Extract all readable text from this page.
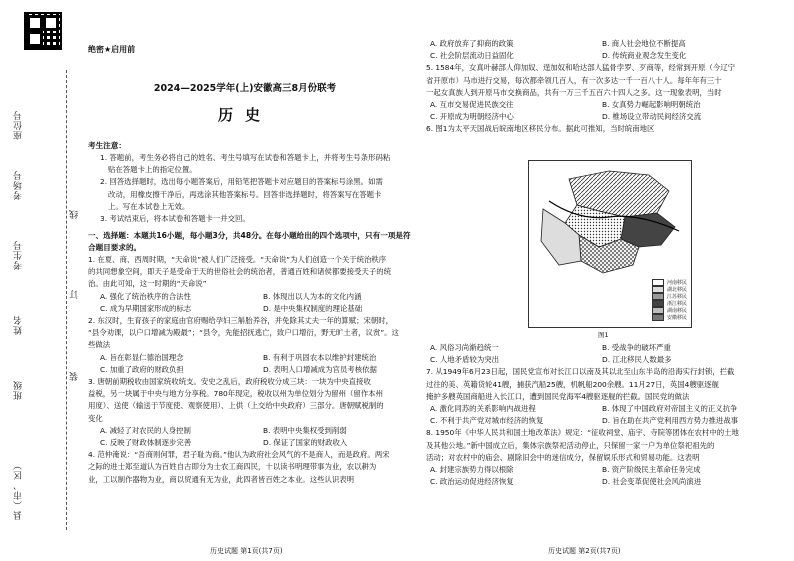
座位号
考场号
考生号
姓名
班级
县（市、区）
线
订
装
绝密★启用前
2024—2025学年(上)安徽高三8月份联考
历史
考生注意：
1. 答题前，考生务必将自己的姓名、考生号填写在试卷和答题卡上，并将考生号条形码粘
贴在答题卡上的指定位置。
2. 回答选择题时，选出每小题答案后，用铅笔把答题卡对应题目的答案标号涂黑。如需
改动，用橡皮擦干净后，再选涂其他答案标号。回答非选择题时，将答案写在答题卡
上。写在本试卷上无效。
3. 考试结束后，将本试卷和答题卡一并交回。
一、选择题：本题共16小题，每小题3分，共48分。在每小题给出的四个选项中，只有一项是符合题目要求的。
1. 在夏、商、西周时期，“天命说”被人们广泛接受。“天命说”为人们创造一个关于统治秩序
的共同想象空间，即天子是受命于天的世俗社会的统治者，普通百姓和诸侯都要接受天子的统
治。由此可知，这一时期的“天命说”
A. 强化了统治秩序的合法性	B. 体现出以人为本的文化内涵
C. 成为早期国家形成的标志	D. 是中央集权制度的理论基础
2. 东汉时，生育孩子的家庭由官府赐给孕妇三斛胎养谷，并免除其丈夫一年的算赋；宋朝时，
“县令劝课，以户口增减为殿最”；“县令，先能招抚逃亡，致户口增衍，野无旷土者，议赏”。这
些做法
A. 旨在彰显仁德治国理念	B. 有利于巩固农本以维护封建统治
C. 加重了政府的财政负担	D. 表明人口增减成为官员考核依据
3. 唐朝前期税收由国家统收统支。安史之乱后，政府税收分成三块：一块为中央直接收
益税，另一块属于中央与地方分享税。780年现定，税收以州为单位划分为留州（留作本州
用度）、送使（输送于节度使、观察使用）、上供（上交给中央政府）三部分。唐朝赋税制的
变化
A. 减轻了对农民的人身控制	B. 表明中央集权受到削弱
C. 反映了财政体制逐步完善	D. 保证了国家的财政收入
4. 范仲淹说：“吾商则何罪，君子耻为商。”他认为政府社会风气的不是商人，而是政府。两宋
之际的进士郑至道认为百姓自古即分为士农工商四民，十以读书明理带事为业，农以耕为
业，工以制作器物为业，商以贸通有无为业，此四者皆百姓之本业。这些认识表明
历史试题 第1页(共7页)
A. 政府放弃了抑商的政策	B. 商人社会地位不断提高
C. 社会阶层流动日益固化	D. 传统商业观念发生变化
5. 1584年，女真叶赫部人仰加奴、逞加奴和哈达部人猛骨孛罗、歹商等，经常到开原（今辽宁
省开原市）马市进行交易，每次都牵领几百人，有一次多达一千一百八十人。每年年有三十
一起女真族人到开原马市交换商品，共有一万三千五百六十四人之多。这一现象表明，当时
A. 互市交易促进民族交往	B. 女真势力崛起影响明朝统治
C. 开原成为明朝经济中心	D. 椎场设立带动民间经济交流
6. 图1为太平天国战后皖南地区移民分布。据此可推知，当时皖南地区
河南移民
湖北移民
江苏移民
浙江移民
湖南移民
安徽移民
图1
A. 风俗习尚渐趋统一	B. 受战争的破坏严重
C. 人地矛盾较为突出	D. 江北移民人数最多
7. 从1949年6月23日起，国民党宣布对长江口以南及其以北至山东半岛的沿海实行封锁，拦截
过往的美、英籍货轮41艘，捕获汽船25艘，机帆船200余艘。11月27日，英国4艘驱逐舰
掩护多艘英国商船进入长江口，遭到国民党海军4艘驱逐舰的拦截。国民党的做法
A. 激化同苏的关系影响内战进程	B. 体现了中国政府对帝国主义的正义抗争
C. 不利于共产党对城市经济的恢复	D. 旨在助在共产党利用西方势力推进战事
8. 1950年《中华人民共和国土地改革法》规定：“征收祠堂、庙宇、寺院等团体在农村中的土地
及其他公地。”新中国成立后，集体宗族祭祀活动停止，只保留一家一户为单位祭祀祖先的
活动；对农村中的庙会、剧除旧会中的迷信成分，保留娱乐形式和贸易功能。这表明
A. 封建宗族势力得以根除	B. 资产阶级民主革命任务完成
C. 政治运动促进经济恢复	D. 社会变革促使社会风尚演进
历史试题 第2页(共7页)
